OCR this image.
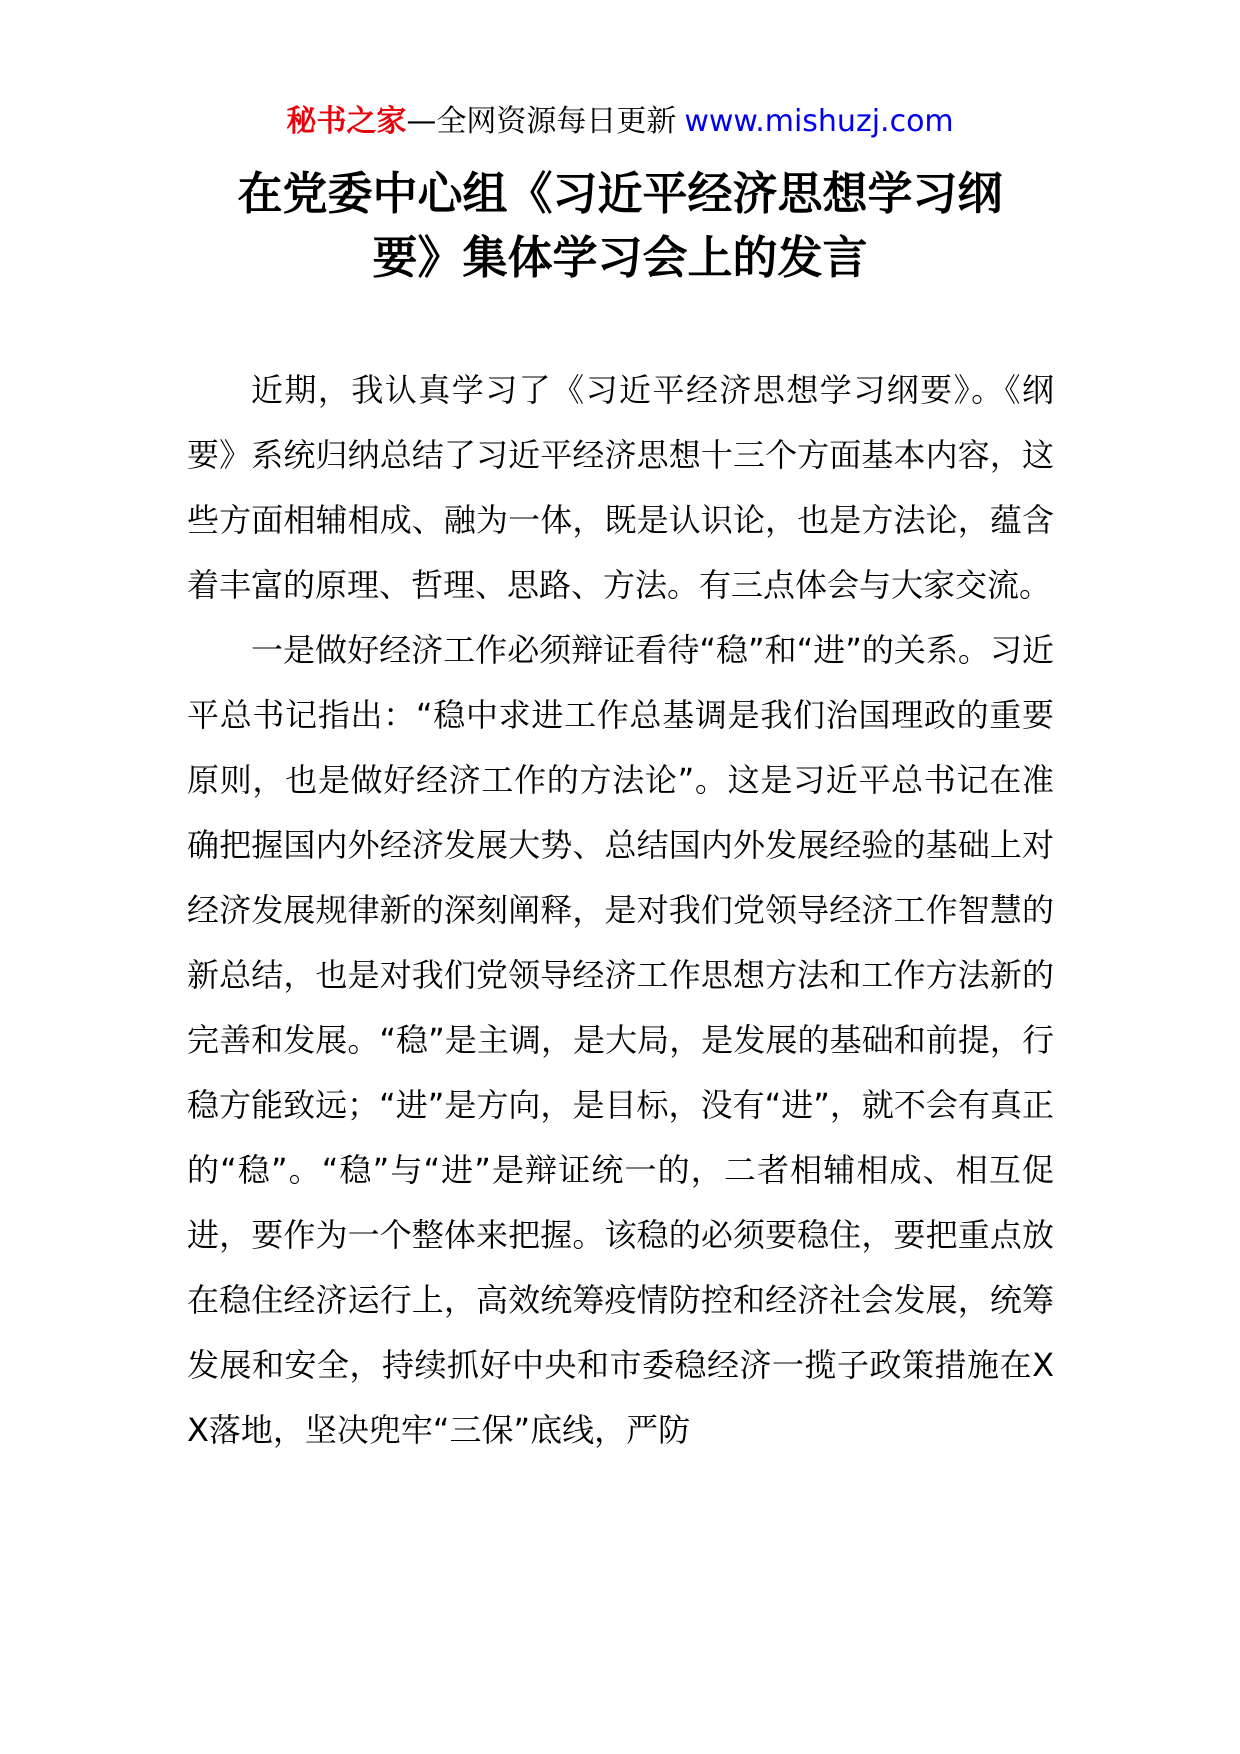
秘书之家—全网资源每日更新 www.mishuzj.com
在党委中心组《习近平经济思想学习纲
要》集体学习会上的发言

近期，我认真学习了《习近平经济思想学习纲要》。《纲要》系统归纳总结了习近平经济思想十三个方面基本内容，这些方面相辅相成、融为一体，既是认识论，也是方法论，蕴含着丰富的原理、哲理、思路、方法。有三点体会与大家交流。

一是做好经济工作必须辩证看待“稳”和“进”的关系。习近平总书记指出：“稳中求进工作总基调是我们治国理政的重要原则，也是做好经济工作的方法论”。这是习近平总书记在准确把握国内外经济发展大势、总结国内外发展经验的基础上对经济发展规律新的深刻阐释，是对我们党领导经济工作智慧的新总结，也是对我们党领导经济工作思想方法和工作方法新的完善和发展。“稳”是主调，是大局，是发展的基础和前提，行稳方能致远；“进”是方向，是目标，没有“进”，就不会有真正的“稳”。“稳”与“进”是辩证统一的，二者相辅相成、相互促进，要作为一个整体来把握。该稳的必须要稳住，要把重点放在稳住经济运行上，高效统筹疫情防控和经济社会发展，统筹发展和安全，持续抓好中央和市委稳经济一揽子政策措施在XX落地，坚决兜牢“三保”底线，严防
